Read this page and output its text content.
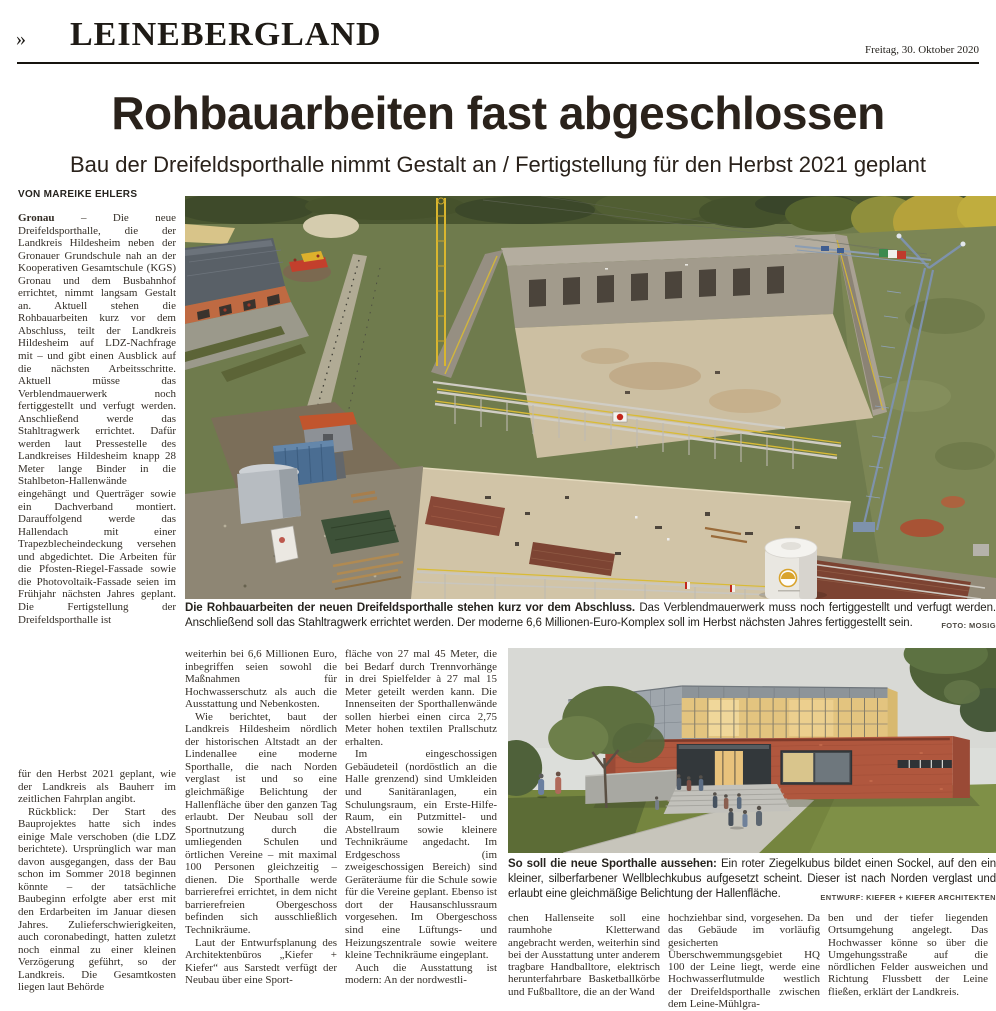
» LEINEBERGLAND	Freitag, 30. Oktober 2020
Rohbauarbeiten fast abgeschlossen
Bau der Dreifeldsporthalle nimmt Gestalt an / Fertigstellung für den Herbst 2021 geplant
VON MAREIKE EHLERS

Gronau – Die neue Dreifeldsporthalle, die der Landkreis Hildesheim neben der Gronauer Grundschule nah an der Kooperativen Gesamtschule (KGS) Gronau und dem Busbahnhof errichtet, nimmt langsam Gestalt an. Aktuell stehen die Rohbauarbeiten kurz vor dem Abschluss, teilt der Landkreis Hildesheim auf LDZ-Nachfrage mit – und gibt einen Ausblick auf die nächsten Arbeitsschritte. Aktuell müsse das Verblendmauerwerk noch fertiggestellt und verfugt werden. Anschließend werde das Stahltragwerk errichtet. Dafür werden laut Pressestelle des Landkreises Hildesheim knapp 28 Meter lange Binder in die Stahlbeton-Hallenwände eingehängt und Querträger sowie ein Dachverband montiert. Darauffolgend werde das Hallendach mit einer Trapezblecheindeckung versehen und abgedichtet. Die Arbeiten für die Pfosten-Riegel-Fassade sowie die Photovoltaik-Fassade seien im Frühjahr nächsten Jahres geplant. Die Fertigstellung der Dreifeldsporthalle ist

für den Herbst 2021 geplant, wie der Landkreis als Bauherr im zeitlichen Fahrplan angibt.

Rückblick: Der Start des Bauprojektes hatte sich indes einige Male verschoben (die LDZ berichtete). Ursprünglich war man davon ausgegangen, dass der Bau schon im Sommer 2018 beginnen könnte – der tatsächliche Baubeginn erfolgte aber erst mit den Erdarbeiten im Januar diesen Jahres. Zulieferschwierigkeiten, auch coronabedingt, hatten zuletzt noch einmal zu einer kleinen Verzögerung geführt, so der Landkreis. Die Gesamtkosten liegen laut Behörde

Die Rohbauarbeiten der neuen Dreifeldsporthalle stehen kurz vor dem Abschluss. Das Verblendmauerwerk muss noch fertiggestellt und verfugt werden. Anschließend soll das Stahltragwerk errichtet werden. Der moderne 6,6 Millionen-Euro-Komplex soll im Herbst nächsten Jahres fertiggestellt sein.	FOTO: MOSIG

weiterhin bei 6,6 Millionen Euro, inbegriffen seien sowohl die Maßnahmen für Hochwasserschutz als auch die Ausstattung und Nebenkosten.

Wie berichtet, baut der Landkreis Hildesheim nördlich der historischen Altstadt an der Lindenallee eine moderne Sporthalle, die nach Norden verglast ist und so eine gleichmäßige Belichtung der Hallenfläche über den ganzen Tag erlaubt. Der Neubau soll der Sportnutzung durch die umliegenden Schulen und örtlichen Vereine – mit maximal 100 Personen gleichzeitig – dienen. Die Sporthalle werde barrierefrei errichtet, in dem nicht barrierefreien Obergeschoss befinden sich ausschließlich Technikräume.

Laut der Entwurfsplanung des Architektenbüros „Kiefer + Kiefer“ aus Sarstedt verfügt der Neubau über eine Sport-

fläche von 27 mal 45 Meter, die bei Bedarf durch Trennvorhänge in drei Spielfelder à 27 mal 15 Meter geteilt werden kann. Die Innenseiten der Sporthallenwände sollen hierbei einen circa 2,75 Meter hohen textilen Prallschutz erhalten.

Im eingeschossigen Gebäudeteil (nordöstlich an die Halle grenzend) sind Umkleiden und Sanitäranlagen, ein Schulungsraum, ein Erste-Hilfe-Raum, ein Putzmittel- und Abstellraum sowie kleinere Technikräume angedacht. Im Erdgeschoss (im zweigeschossigen Bereich) sind Geräteräume für die Schule sowie für die Vereine geplant. Ebenso ist dort der Hausanschlussraum vorgesehen. Im Obergeschoss sind eine Lüftungs- und Heizungszentrale sowie weitere kleine Technikräume eingeplant.

Auch die Ausstattung ist modern: An der nordwestli-

So soll die neue Sporthalle aussehen: Ein roter Ziegelkubus bildet einen Sockel, auf den ein kleiner, silberfarbener Wellblechkubus aufgesetzt scheint. Dieser ist nach Norden verglast und erlaubt eine gleichmäßige Belichtung der Hallenfläche.	ENTWURF: KIEFER + KIEFER ARCHITEKTEN

chen Hallenseite soll eine raumhohe Kletterwand angebracht werden, weiterhin sind bei der Ausstattung unter anderem tragbare Handballtore, elektrisch herunterfahrbare Basketballkörbe und Fußballtore, die an der Wand

hochziehbar sind, vorgesehen. Da das Gebäude im vorläufig gesicherten Überschwemmungsgebiet HQ 100 der Leine liegt, werde eine Hochwasserflutmulde westlich der Dreifeldsporthalle zwischen dem Leine-Mühlgra-

ben und der tiefer liegenden Ortsumgehung angelegt. Das Hochwasser könne so über die Umgehungsstraße auf die nördlichen Felder ausweichen und Richtung Flussbett der Leine fließen, erklärt der Landkreis.
